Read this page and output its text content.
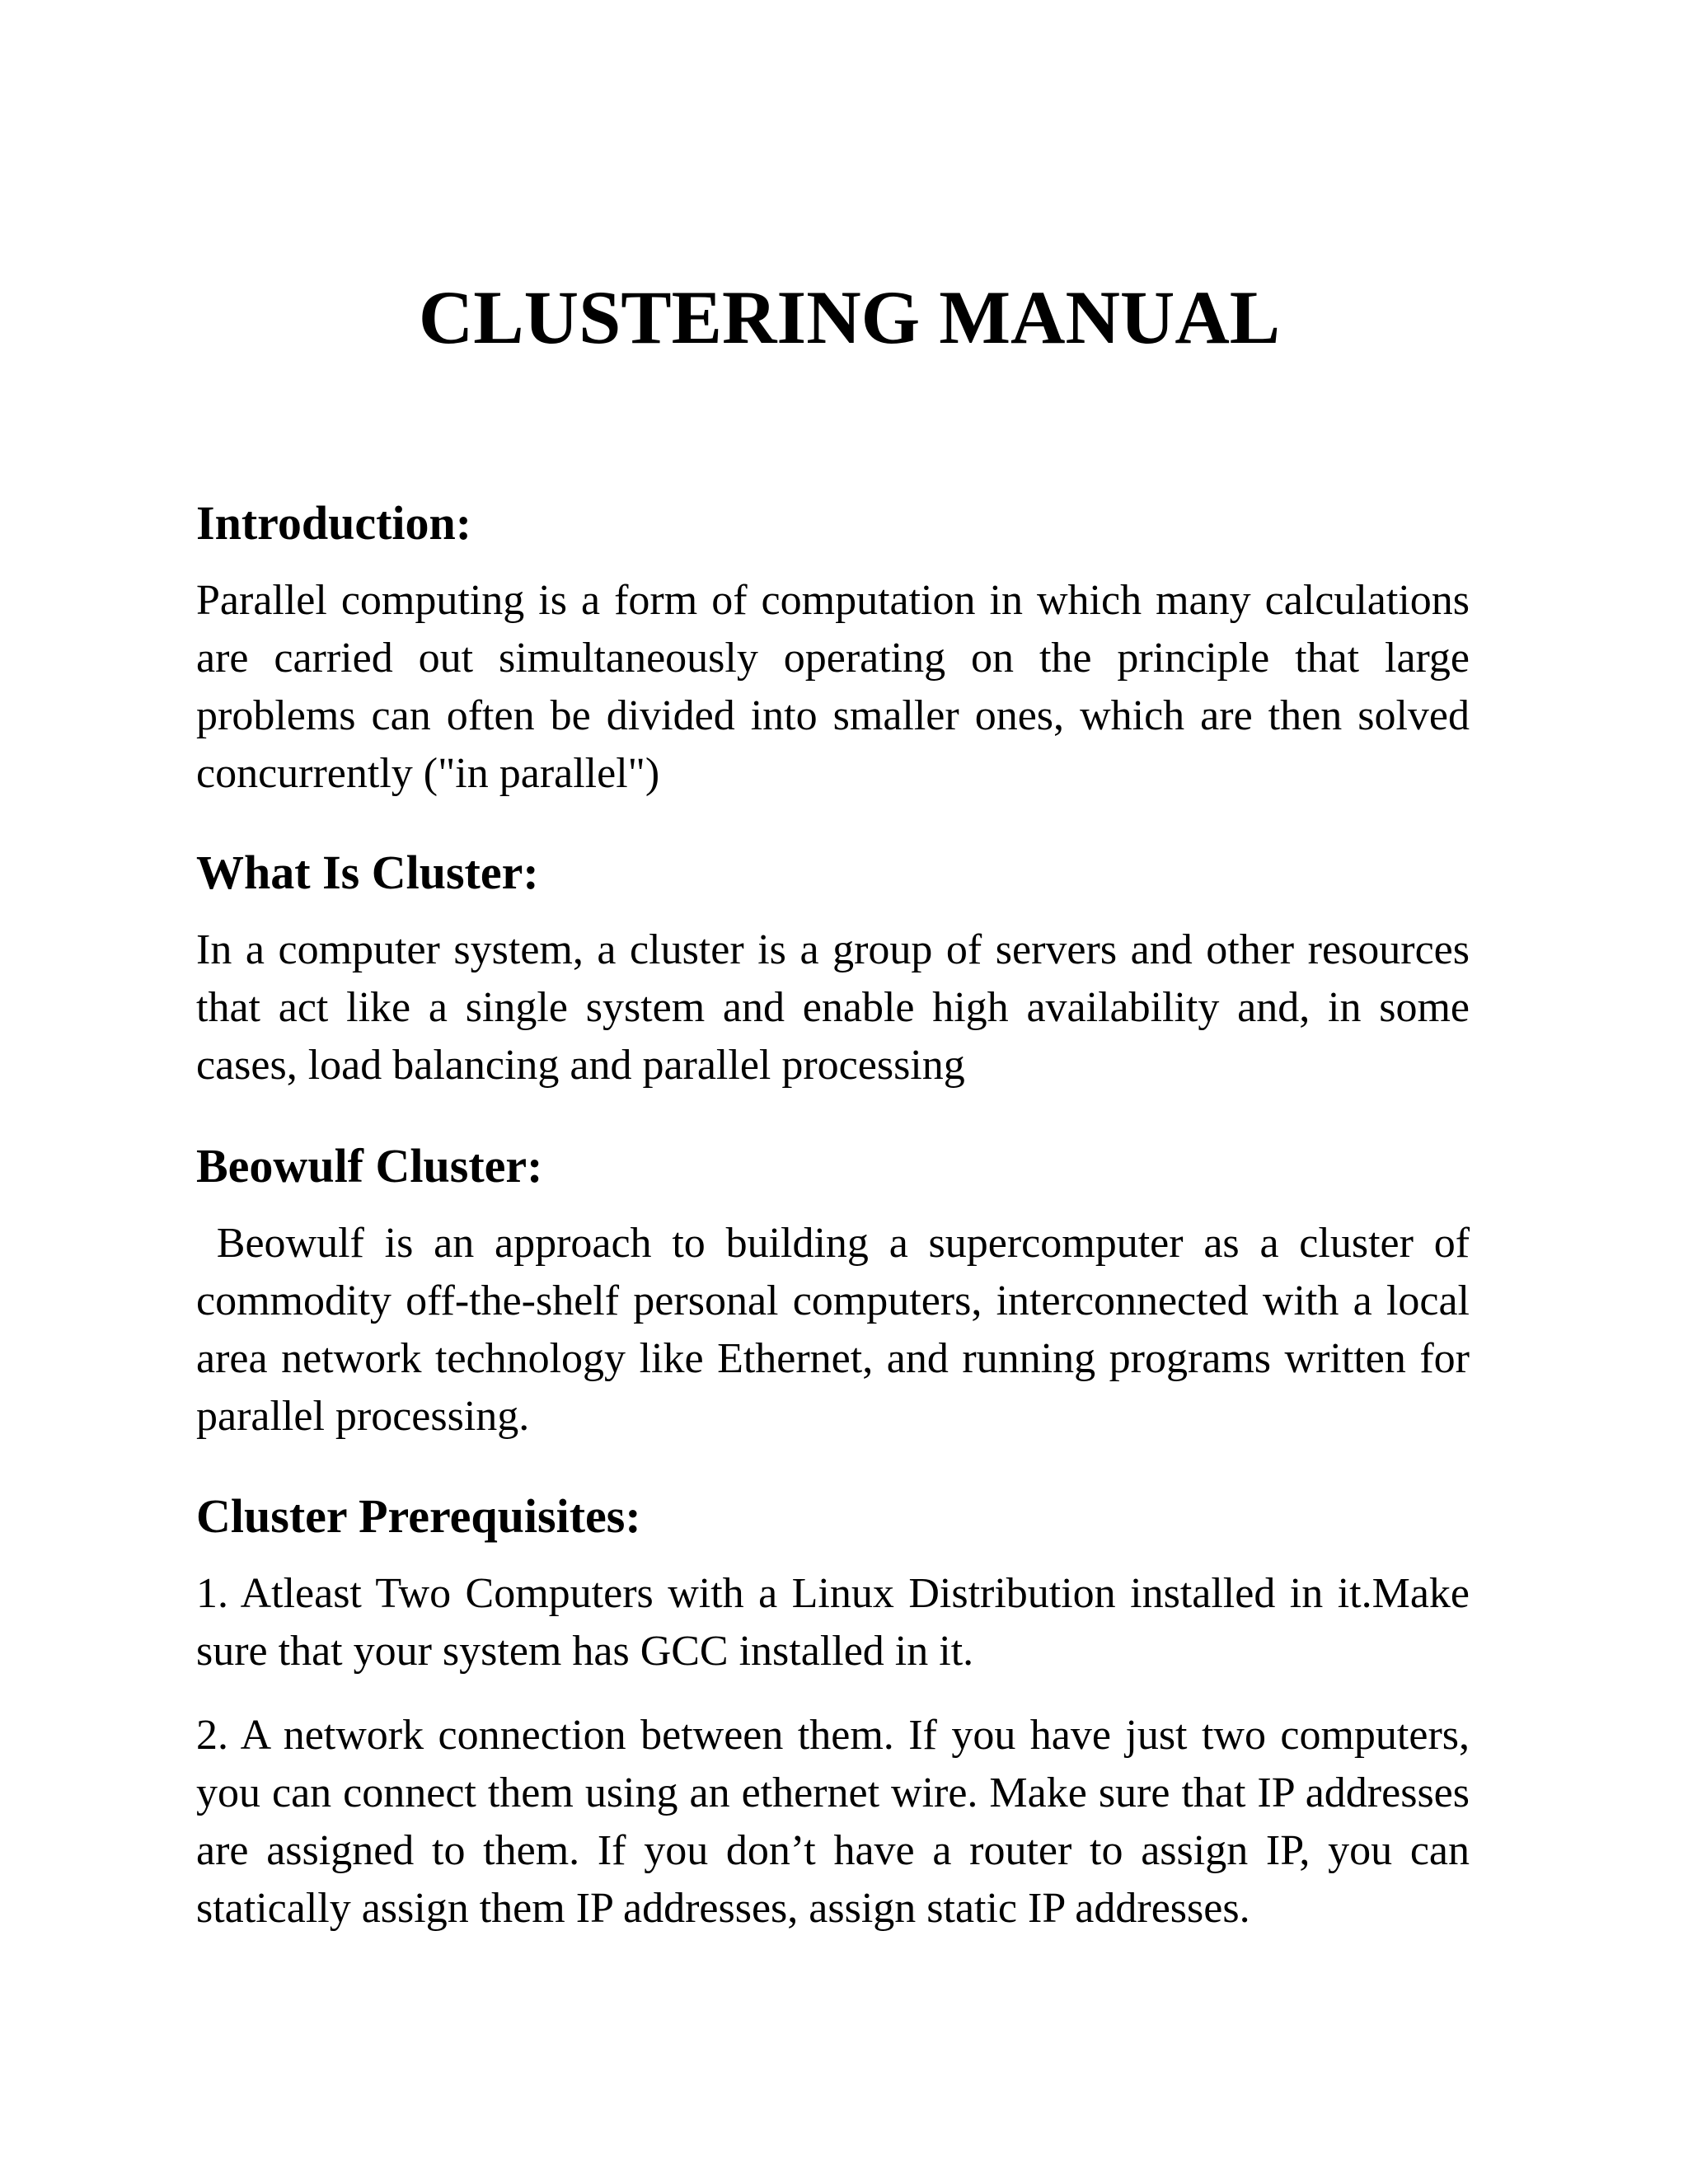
CLUSTERING MANUAL
Introduction:

Parallel computing is a form of computation in which many calculations are carried out simultaneously operating on the principle that large problems can often be divided into smaller ones, which are then solved concurrently ("in parallel")

What Is Cluster:

In a computer system, a cluster is a group of servers and other resources that act like a single system and enable high availability and, in some cases, load balancing and parallel processing

Beowulf Cluster:

Beowulf is an approach to building a supercomputer as a cluster of commodity off-the-shelf personal computers, interconnected with a local area network technology like Ethernet, and running programs written for parallel processing.

Cluster Prerequisites:

1. Atleast Two Computers with a Linux Distribution installed in it.Make sure that your system has GCC installed in it.

2. A network connection between them. If you have just two computers, you can connect them using an ethernet wire. Make sure that IP addresses are assigned to them. If you don’t have a router to assign IP, you can statically assign them IP addresses, assign static IP addresses.
